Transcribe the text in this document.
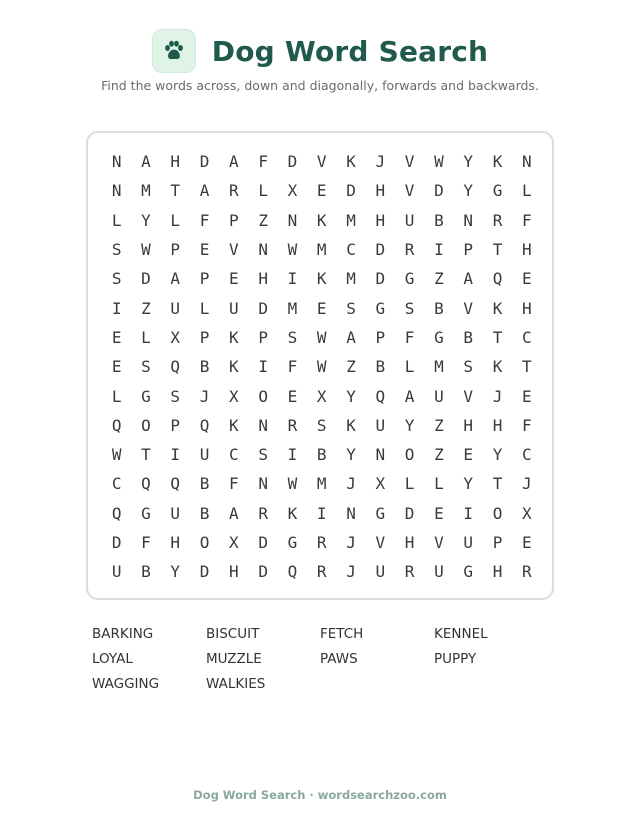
Dog Word Search
Find the words across, down and diagonally, forwards and backwards.
N	A	H	D	A	F	D	V	K	J	V	W	Y	K	N
N	M	T	A	R	L	X	E	D	H	V	D	Y	G	L
L	Y	L	F	P	Z	N	K	M	H	U	B	N	R	F
S	W	P	E	V	N	W	M	C	D	R	I	P	T	H
S	D	A	P	E	H	I	K	M	D	G	Z	A	Q	E
I	Z	U	L	U	D	M	E	S	G	S	B	V	K	H
E	L	X	P	K	P	S	W	A	P	F	G	B	T	C
E	S	Q	B	K	I	F	W	Z	B	L	M	S	K	T
L	G	S	J	X	O	E	X	Y	Q	A	U	V	J	E
Q	O	P	Q	K	N	R	S	K	U	Y	Z	H	H	F
W	T	I	U	C	S	I	B	Y	N	O	Z	E	Y	C
C	Q	Q	B	F	N	W	M	J	X	L	L	Y	T	J
Q	G	U	B	A	R	K	I	N	G	D	E	I	O	X
D	F	H	O	X	D	G	R	J	V	H	V	U	P	E
U	B	Y	D	H	D	Q	R	J	U	R	U	G	H	R
BARKING	BISCUIT	FETCH	KENNEL
LOYAL	MUZZLE	PAWS	PUPPY
WAGGING	WALKIES
Dog Word Search · wordsearchzoo.com
